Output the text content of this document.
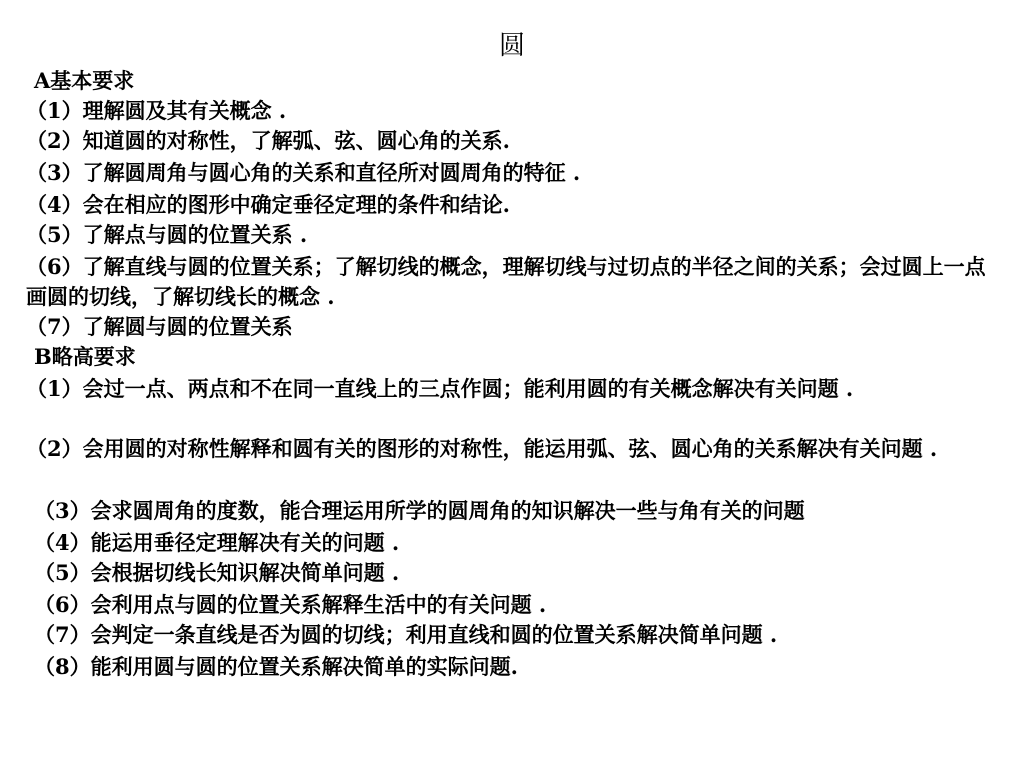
圆
A基本要求
（1）理解圆及其有关概念 .
（2）知道圆的对称性，了解弧、弦、圆心角的关系.
（3）了解圆周角与圆心角的关系和直径所对圆周角的特征 .
（4）会在相应的图形中确定垂径定理的条件和结论.
（5）了解点与圆的位置关系 .
（6）了解直线与圆的位置关系；了解切线的概念，理解切线与过切点的半径之间的关系；会过圆上一点画圆的切线，了解切线长的概念 .
（7）了解圆与圆的位置关系
B略高要求
（1）会过一点、两点和不在同一直线上的三点作圆；能利用圆的有关概念解决有关问题 .
（2）会用圆的对称性解释和圆有关的图形的对称性，能运用弧、弦、圆心角的关系解决有关问题 .
（3）会求圆周角的度数，能合理运用所学的圆周角的知识解决一些与角有关的问题
（4）能运用垂径定理解决有关的问题 .
（5）会根据切线长知识解决简单问题 .
（6）会利用点与圆的位置关系解释生活中的有关问题 .
（7）会判定一条直线是否为圆的切线；利用直线和圆的位置关系解决简单问题 .
（8）能利用圆与圆的位置关系解决简单的实际问题.
